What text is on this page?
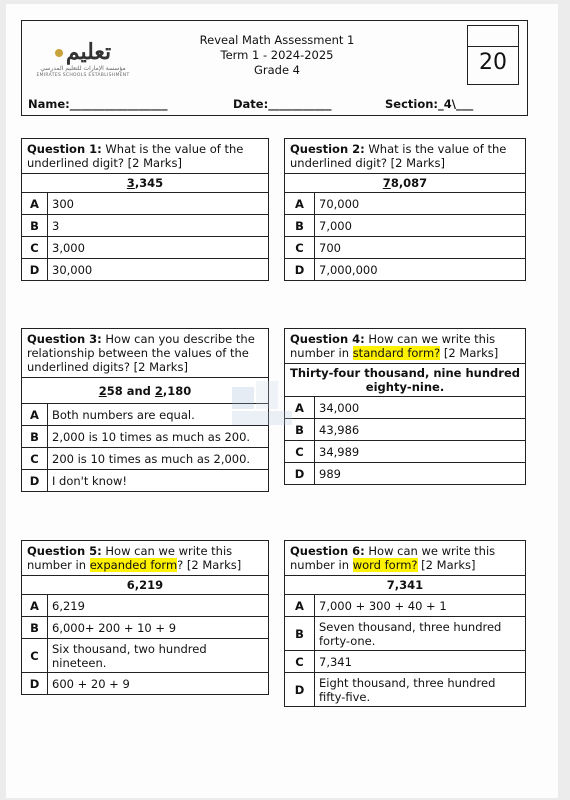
تعليم
مؤسسة الإمارات للتعليم المدرسي
EMIRATES SCHOOLS ESTABLISHMENT
Reveal Math Assessment 1
Term 1 - 2024-2025
Grade 4	20
Name:_________________	Date:___________	Section:_4\___
Question 1: What is the value of the underlined digit? [2 Marks]	
3,345	
A	300
B	3
C	3,000
D	30,000
Question 2: What is the value of the underlined digit? [2 Marks]	
78,087	
A	70,000
B	7,000
C	700
D	7,000,000
Question 3: How can you describe the relationship between the values of the underlined digits? [2 Marks]	
258 and 2,180	
A	Both numbers are equal.
B	2,000 is 10 times as much as 200.
C	200 is 10 times as much as 2,000.
D	I don't know!
Question 4: How can we write this number in standard form? [2 Marks]	
Thirty-four thousand, nine hundred eighty-nine.	
A	34,000
B	43,986
C	34,989
D	989
Question 5: How can we write this number in expanded form? [2 Marks]	
6,219	
A	6,219
B	6,000+ 200 + 10 + 9
C	Six thousand, two hundred nineteen.
D	600 + 20 + 9
Question 6: How can we write this number in word form? [2 Marks]	
7,341	
A	7,000 + 300 + 40 + 1
B	Seven thousand, three hundred forty-one.
C	7,341
D	Eight thousand, three hundred fifty-five.
